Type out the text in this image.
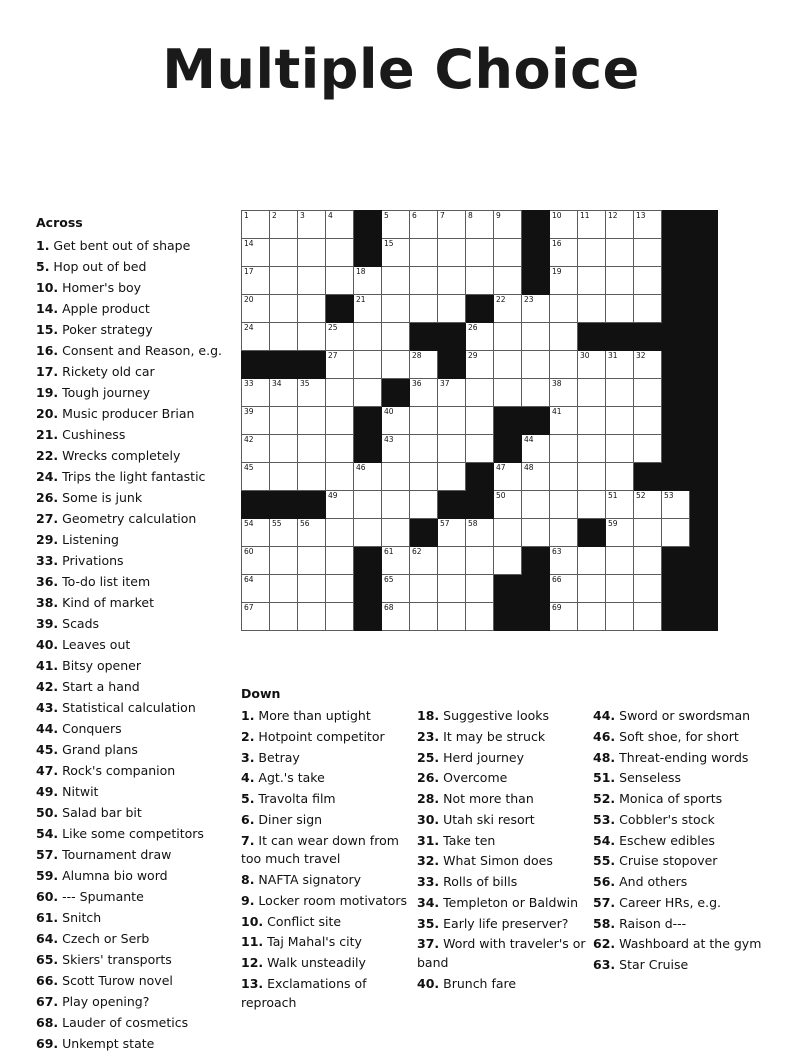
Multiple Choice
Across
1. Get bent out of shape
5. Hop out of bed
10. Homer's boy
14. Apple product
15. Poker strategy
16. Consent and Reason, e.g.
17. Rickety old car
19. Tough journey
20. Music producer Brian
21. Cushiness
22. Wrecks completely
24. Trips the light fantastic
26. Some is junk
27. Geometry calculation
29. Listening
33. Privations
36. To-do list item
38. Kind of market
39. Scads
40. Leaves out
41. Bitsy opener
42. Start a hand
43. Statistical calculation
44. Conquers
45. Grand plans
47. Rock's companion
49. Nitwit
50. Salad bar bit
54. Like some competitors
57. Tournament draw
59. Alumna bio word
60. --- Spumante
61. Snitch
64. Czech or Serb
65. Skiers' transports
66. Scott Turow novel
67. Play opening?
68. Lauder of cosmetics
69. Unkempt state
1	2	3	4		5	6	7	8	9		10	11	12	13		

14					15						16					

17				18							19					

20				21					22	23						

24			25					26								

			27			28		29				30	31	32		

33	34	35				36	37				38					

39					40						41					

42					43					44						

45				46					47	48						

			49						50				51	52	53	

54	55	56					57	58					59			

60					61	62					63					

64					65						66					

67					68						69					

Down
1. More than uptight
2. Hotpoint competitor
3. Betray
4. Agt.'s take
5. Travolta film
6. Diner sign
7. It can wear down from too much travel
8. NAFTA signatory
9. Locker room motivators
10. Conflict site
11. Taj Mahal's city
12. Walk unsteadily
13. Exclamations of reproach
18. Suggestive looks
23. It may be struck
25. Herd journey
26. Overcome
28. Not more than
30. Utah ski resort
31. Take ten
32. What Simon does
33. Rolls of bills
34. Templeton or Baldwin
35. Early life preserver?
37. Word with traveler's or band
40. Brunch fare
44. Sword or swordsman
46. Soft shoe, for short
48. Threat-ending words
51. Senseless
52. Monica of sports
53. Cobbler's stock
54. Eschew edibles
55. Cruise stopover
56. And others
57. Career HRs, e.g.
58. Raison d---
62. Washboard at the gym
63. Star Cruise
